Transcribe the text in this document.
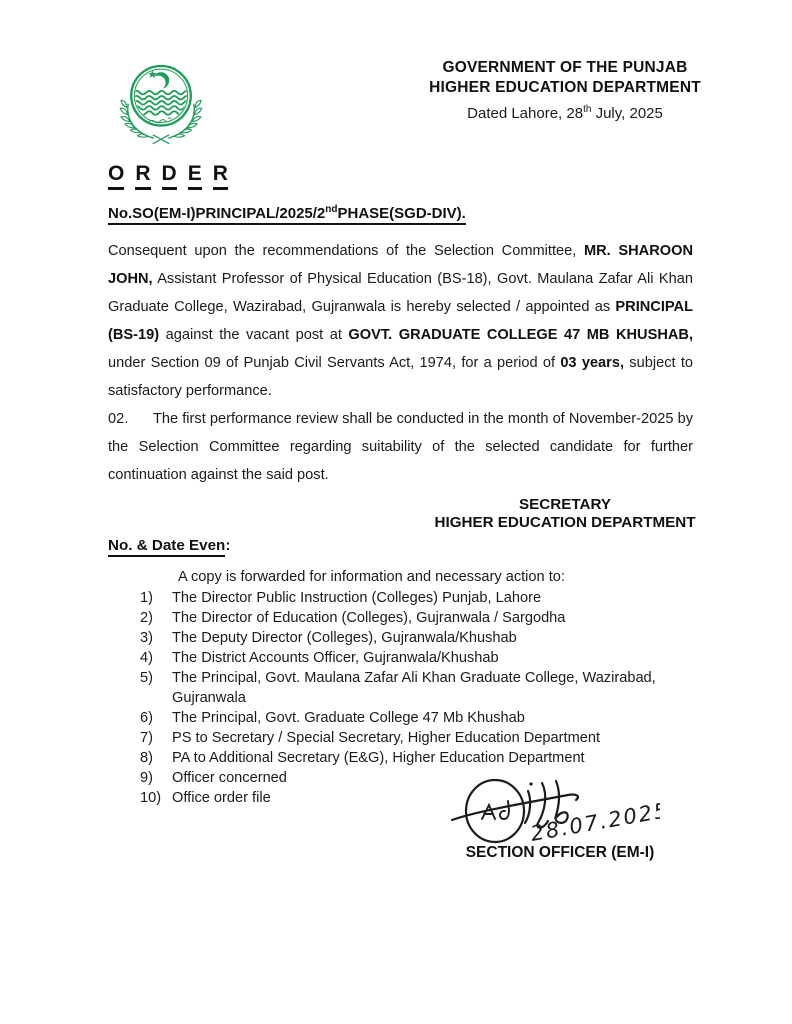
GOVERNMENT OF THE PUNJAB
HIGHER EDUCATION DEPARTMENT
Dated Lahore, 28th July, 2025
O R D E R
No.SO(EM-I)PRINCIPAL/2025/2ndPHASE(SGD-DIV).

Consequent upon the recommendations of the Selection Committee, MR. SHAROON JOHN, Assistant Professor of Physical Education (BS-18), Govt. Maulana Zafar Ali Khan Graduate College, Wazirabad, Gujranwala is hereby selected / appointed as PRINCIPAL (BS-19) against the vacant post at GOVT. GRADUATE COLLEGE 47 MB KHUSHAB, under Section 09 of Punjab Civil Servants Act, 1974, for a period of 03 years, subject to satisfactory performance.

02. The first performance review shall be conducted in the month of November-2025 by the Selection Committee regarding suitability of the selected candidate for further continuation against the said post.

SECRETARY
HIGHER EDUCATION DEPARTMENT
No. & Date Even:
A copy is forwarded for information and necessary action to:
1)	The Director Public Instruction (Colleges) Punjab, Lahore
2)	The Director of Education (Colleges), Gujranwala / Sargodha
3)	The Deputy Director (Colleges), Gujranwala/Khushab
4)	The District Accounts Officer, Gujranwala/Khushab
5)	The Principal, Govt. Maulana Zafar Ali Khan Graduate College, Wazirabad, Gujranwala
6)	The Principal, Govt. Graduate College 47 Mb Khushab
7)	PS to Secretary / Special Secretary, Higher Education Department
8)	PA to Additional Secretary (E&G), Higher Education Department
9)	Officer concerned
10) Office order file	28.07.2025
SECTION OFFICER (EM-I)
